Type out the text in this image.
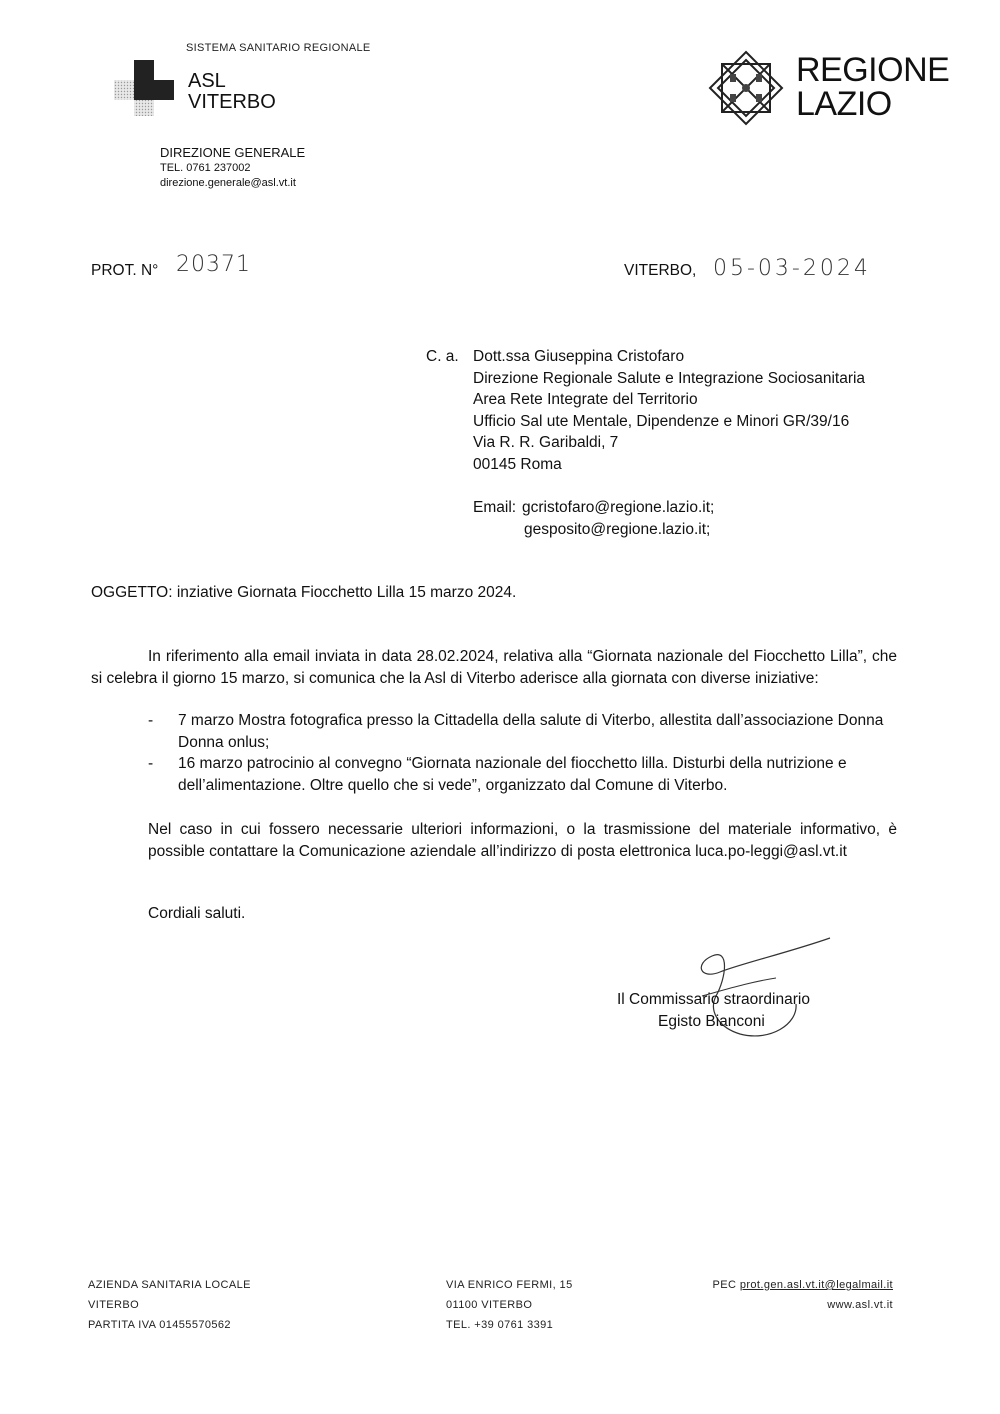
SISTEMA SANITARIO REGIONALE
ASL
VITERBO
DIREZIONE GENERALE
TEL. 0761 237002
direzione.generale@asl.vt.it
REGIONE
LAZIO
PROT. N° 20371	VITERBO, 05-03-2024
C. a. Dott.ssa Giuseppina Cristofaro
Direzione Regionale Salute e Integrazione Sociosanitaria
Area Rete Integrate del Territorio
Ufficio Sal ute Mentale, Dipendenze e Minori GR/39/16
Via R. R. Garibaldi, 7
00145 Roma
Email: gcristofaro@regione.lazio.it;
gesposito@regione.lazio.it;
OGGETTO: inziative Giornata Fiocchetto Lilla 15 marzo 2024.
In riferimento alla email inviata in data 28.02.2024, relativa alla “Giornata nazionale del Fiocchetto Lilla”, che si celebra il giorno 15 marzo, si comunica che la Asl di Viterbo aderisce alla giornata con diverse iniziative:
- 7 marzo Mostra fotografica presso la Cittadella della salute di Viterbo, allestita dall’associazione Donna Donna onlus;
- 16 marzo patrocinio al convegno “Giornata nazionale del fiocchetto lilla. Disturbi della nutrizione e dell’alimentazione. Oltre quello che si vede”, organizzato dal Comune di Viterbo.
Nel caso in cui fossero necessarie ulteriori informazioni, o la trasmissione del materiale informativo, è possible contattare la Comunicazione aziendale all’indirizzo di posta elettronica luca.po-leggi@asl.vt.it
Cordiali saluti.
Il Commissario straordinario
Egisto Bianconi
AZIENDA SANITARIA LOCALE
VITERBO
PARTITA IVA 01455570562
VIA ENRICO FERMI, 15
01100 VITERBO
TEL. +39 0761 3391
PEC prot.gen.asl.vt.it@legalmail.it
www.asl.vt.it
